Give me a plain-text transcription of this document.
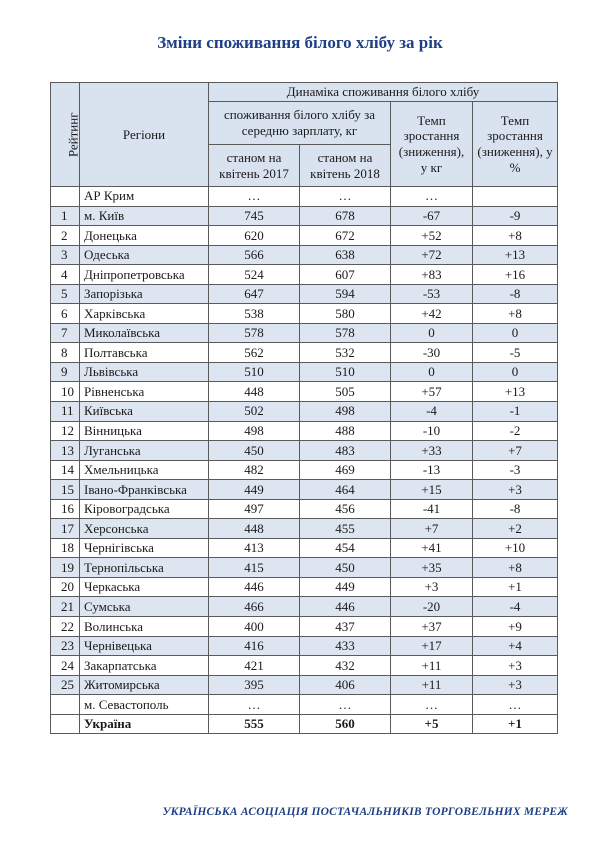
Зміни споживання білого хлібу за рік
Рейтинг	Регіони	Динаміка споживання білого хлібу			
		споживання білого хлібу за середню зарплату, кг		Темп зростання (зниження), у кг	Темп зростання (зниження), у %
		станом на квітень 2017	станом на квітень 2018		
	АР Крим	…	…	…	
1	м. Київ	745	678	-67	-9
2	Донецька	620	672	+52	+8
3	Одеська	566	638	+72	+13
4	Дніпропетровська	524	607	+83	+16
5	Запорізька	647	594	-53	-8
6	Харківська	538	580	+42	+8
7	Миколаївська	578	578	0	0
8	Полтавська	562	532	-30	-5
9	Львівська	510	510	0	0
10	Рівненська	448	505	+57	+13
11	Київська	502	498	-4	-1
12	Вінницька	498	488	-10	-2
13	Луганська	450	483	+33	+7
14	Хмельницька	482	469	-13	-3
15	Івано-Франківська	449	464	+15	+3
16	Кіровоградська	497	456	-41	-8
17	Херсонська	448	455	+7	+2
18	Чернігівська	413	454	+41	+10
19	Тернопільська	415	450	+35	+8
20	Черкаська	446	449	+3	+1
21	Сумська	466	446	-20	-4
22	Волинська	400	437	+37	+9
23	Чернівецька	416	433	+17	+4
24	Закарпатська	421	432	+11	+3
25	Житомирська	395	406	+11	+3
	м. Севастополь	…	…	…	…
	Україна	555	560	+5	+1
УКРАЇНСЬКА АСОЦІАЦІЯ ПОСТАЧАЛЬНИКІВ ТОРГОВЕЛЬНИХ МЕРЕЖ
